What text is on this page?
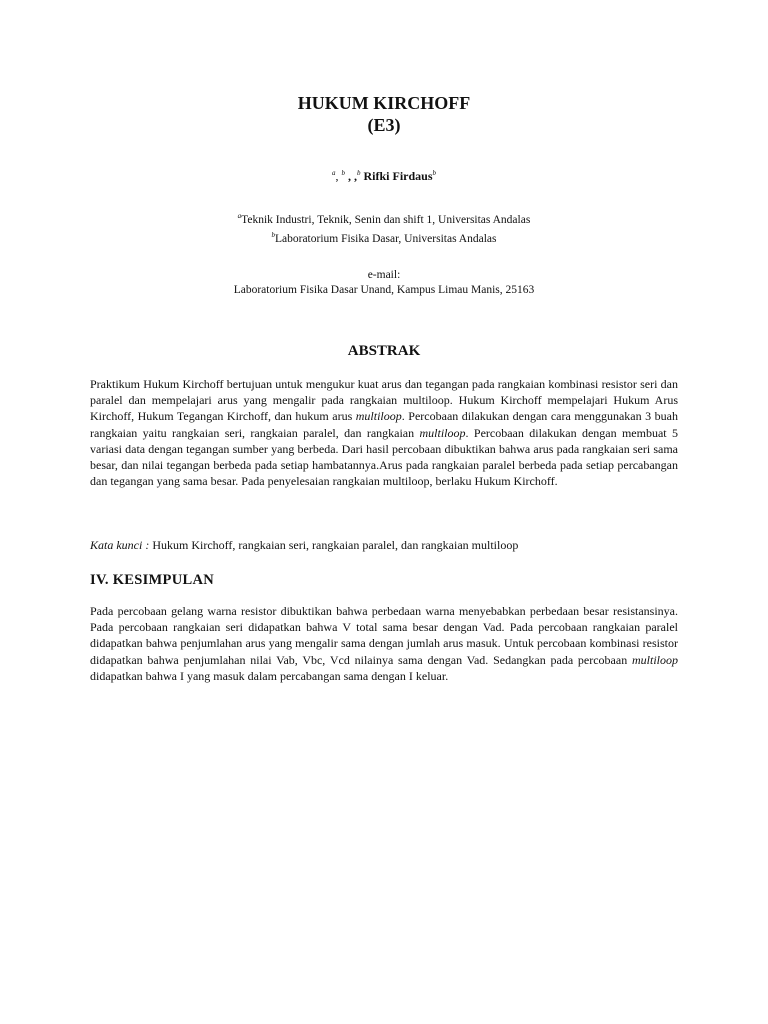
HUKUM KIRCHOFF
(E3)
$^a$, $^b$ , ,$^b$ Rifki Firdaus$^b$
$^a$Teknik Industri, Teknik, Senin dan shift 1, Universitas Andalas
$^b$Laboratorium Fisika Dasar, Universitas Andalas
e-mail:
Laboratorium Fisika Dasar Unand, Kampus Limau Manis, 25163
ABSTRAK
Praktikum Hukum Kirchoff bertujuan untuk mengukur kuat arus dan tegangan pada rangkaian kombinasi resistor seri dan paralel dan mempelajari arus yang mengalir pada rangkaian multiloop. Hukum Kirchoff mempelajari Hukum Arus Kirchoff, Hukum Tegangan Kirchoff, dan hukum arus multiloop. Percobaan dilakukan dengan cara menggunakan 3 buah rangkaian yaitu rangkaian seri, rangkaian paralel, dan rangkaian multiloop. Percobaan dilakukan dengan membuat 5 variasi data dengan tegangan sumber yang berbeda. Dari hasil percobaan dibuktikan bahwa arus pada rangkaian seri sama besar, dan nilai tegangan berbeda pada setiap hambatannya.Arus pada rangkaian paralel berbeda pada setiap percabangan dan tegangan yang sama besar. Pada penyelesaian rangkaian multiloop, berlaku Hukum Kirchoff.
Kata kunci : Hukum Kirchoff, rangkaian seri, rangkaian paralel, dan rangkaian multiloop
IV. KESIMPULAN
Pada percobaan gelang warna resistor dibuktikan bahwa perbedaan warna menyebabkan perbedaan besar resistansinya. Pada percobaan rangkaian seri didapatkan bahwa V total sama besar dengan Vad. Pada percobaan rangkaian paralel didapatkan bahwa penjumlahan arus yang mengalir sama dengan jumlah arus masuk. Untuk percobaan kombinasi resistor didapatkan bahwa penjumlahan nilai Vab, Vbc, Vcd nilainya sama dengan Vad. Sedangkan pada percobaan multiloop didapatkan bahwa I yang masuk dalam percabangan sama dengan I keluar.
